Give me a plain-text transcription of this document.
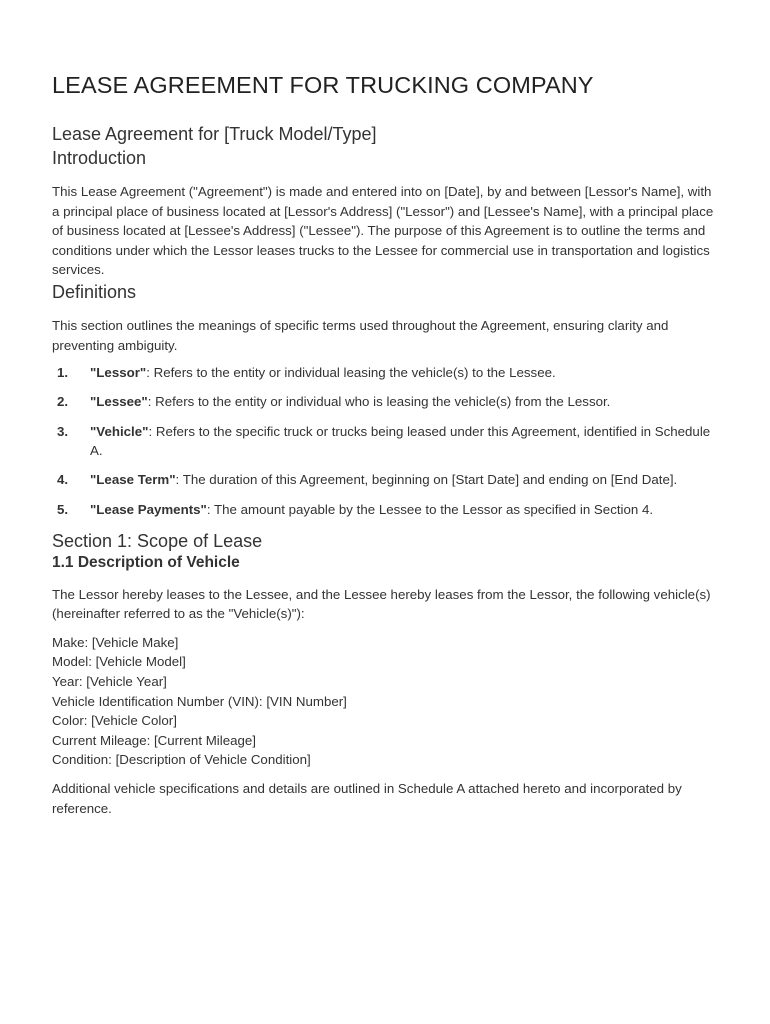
LEASE AGREEMENT FOR TRUCKING COMPANY
Lease Agreement for [Truck Model/Type]
Introduction

This Lease Agreement ("Agreement") is made and entered into on [Date], by and between [Lessor's Name], with a principal place of business located at [Lessor's Address] ("Lessor") and [Lessee's Name], with a principal place of business located at [Lessee's Address] ("Lessee"). The purpose of this Agreement is to outline the terms and conditions under which the Lessor leases trucks to the Lessee for commercial use in transportation and logistics services.

Definitions

This section outlines the meanings of specific terms used throughout the Agreement, ensuring clarity and preventing ambiguity.

1. "Lessor": Refers to the entity or individual leasing the vehicle(s) to the Lessee.
2. "Lessee": Refers to the entity or individual who is leasing the vehicle(s) from the Lessor.
3. "Vehicle": Refers to the specific truck or trucks being leased under this Agreement, identified in Schedule A.
4. "Lease Term": The duration of this Agreement, beginning on [Start Date] and ending on [End Date].
5. "Lease Payments": The amount payable by the Lessee to the Lessor as specified in Section 4.
Section 1: Scope of Lease
1.1 Description of Vehicle

The Lessor hereby leases to the Lessee, and the Lessee hereby leases from the Lessor, the following vehicle(s) (hereinafter referred to as the "Vehicle(s)"):

Make: [Vehicle Make]
Model: [Vehicle Model]
Year: [Vehicle Year]
Vehicle Identification Number (VIN): [VIN Number]
Color: [Vehicle Color]
Current Mileage: [Current Mileage]
Condition: [Description of Vehicle Condition]

Additional vehicle specifications and details are outlined in Schedule A attached hereto and incorporated by reference.
